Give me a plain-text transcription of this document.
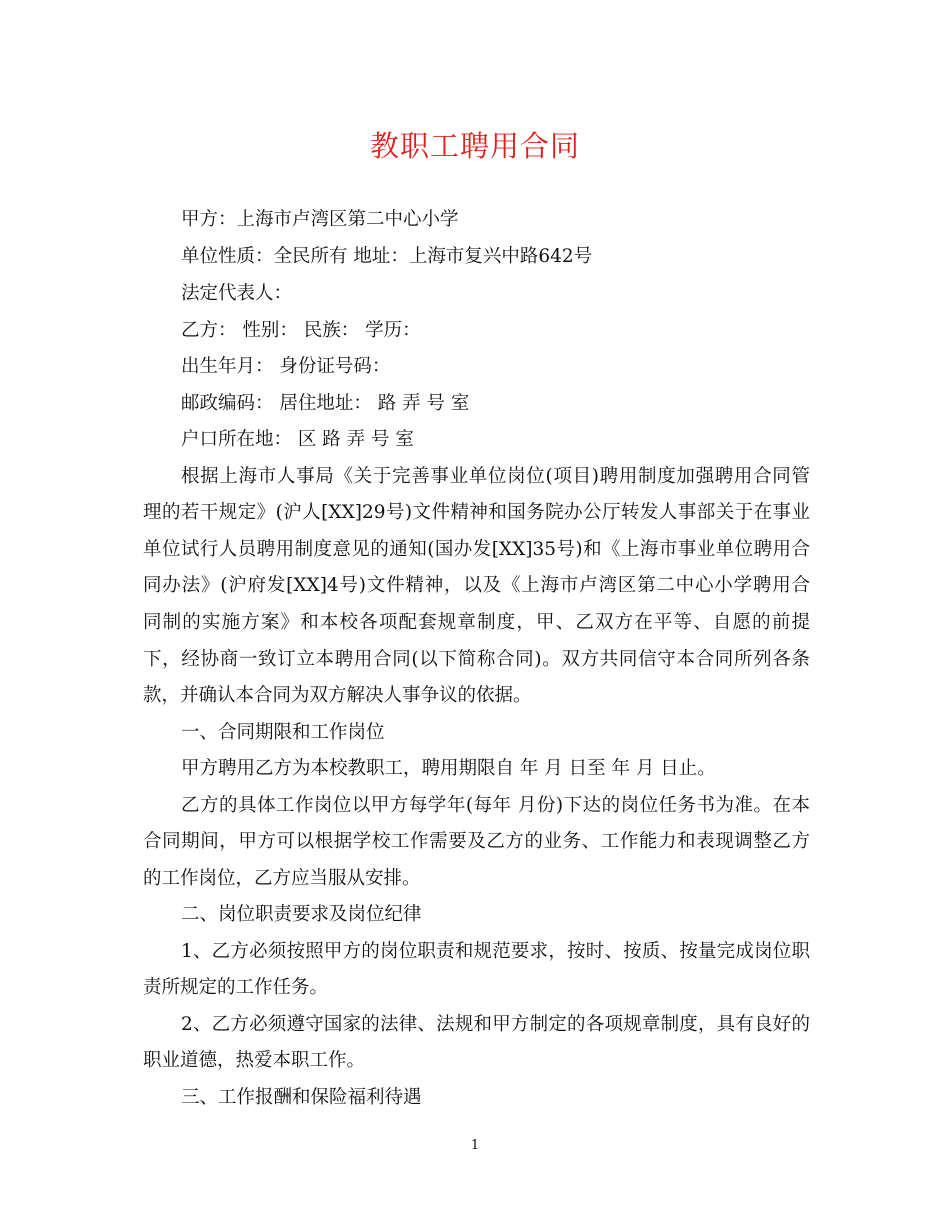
教职工聘用合同
甲方：上海市卢湾区第二中心小学
单位性质：全民所有 地址：上海市复兴中路642号
法定代表人：
乙方： 性别： 民族： 学历：
出生年月： 身份证号码：
邮政编码： 居住地址： 路 弄 号 室
户口所在地： 区 路 弄 号 室
根据上海市人事局《关于完善事业单位岗位(项目)聘用制度加强聘用合同管
理的若干规定》(沪人[XX]29号)文件精神和国务院办公厅转发人事部关于在事业
单位试行人员聘用制度意见的通知(国办发[XX]35号)和《上海市事业单位聘用合
同办法》(沪府发[XX]4号)文件精神，以及《上海市卢湾区第二中心小学聘用合
同制的实施方案》和本校各项配套规章制度，甲、乙双方在平等、自愿的前提
下，经协商一致订立本聘用合同(以下简称合同)。双方共同信守本合同所列各条
款，并确认本合同为双方解决人事争议的依据。
一、合同期限和工作岗位
甲方聘用乙方为本校教职工，聘用期限自 年 月 日至 年 月 日止。
乙方的具体工作岗位以甲方每学年(每年 月份)下达的岗位任务书为准。在本
合同期间，甲方可以根据学校工作需要及乙方的业务、工作能力和表现调整乙方
的工作岗位，乙方应当服从安排。
二、岗位职责要求及岗位纪律
1、乙方必须按照甲方的岗位职责和规范要求，按时、按质、按量完成岗位职
责所规定的工作任务。
2、乙方必须遵守国家的法律、法规和甲方制定的各项规章制度，具有良好的
职业道德，热爱本职工作。
三、工作报酬和保险福利待遇
1
